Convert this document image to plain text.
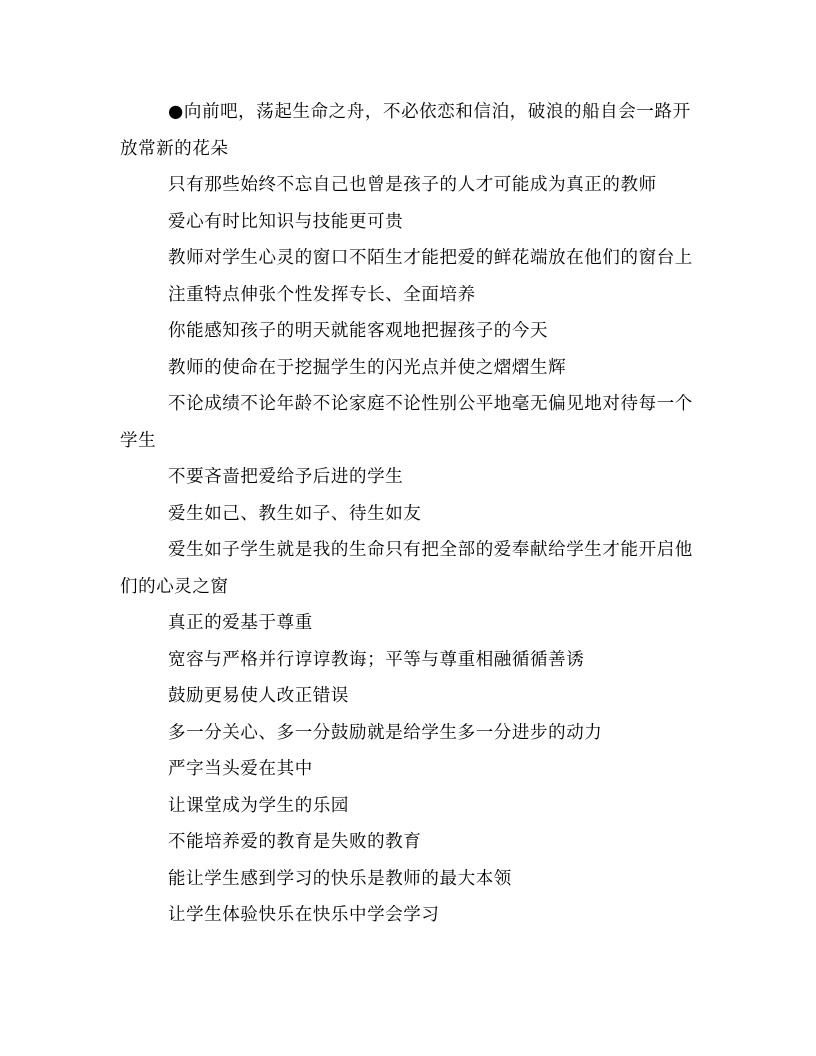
●向前吧，荡起生命之舟，不必依恋和信泊，破浪的船自会一路开放常新的花朵

只有那些始终不忘自己也曾是孩子的人才可能成为真正的教师

爱心有时比知识与技能更可贵

教师对学生心灵的窗口不陌生才能把爱的鲜花端放在他们的窗台上

注重特点伸张个性发挥专长、全面培养

你能感知孩子的明天就能客观地把握孩子的今天

教师的使命在于挖掘学生的闪光点并使之熠熠生辉

不论成绩不论年龄不论家庭不论性别公平地毫无偏见地对待每一个学生

不要吝啬把爱给予后进的学生

爱生如己、教生如子、待生如友

爱生如子学生就是我的生命只有把全部的爱奉献给学生才能开启他们的心灵之窗

真正的爱基于尊重

宽容与严格并行谆谆教诲；平等与尊重相融循循善诱

鼓励更易使人改正错误

多一分关心、多一分鼓励就是给学生多一分进步的动力

严字当头爱在其中

让课堂成为学生的乐园

不能培养爱的教育是失败的教育

能让学生感到学习的快乐是教师的最大本领

让学生体验快乐在快乐中学会学习
